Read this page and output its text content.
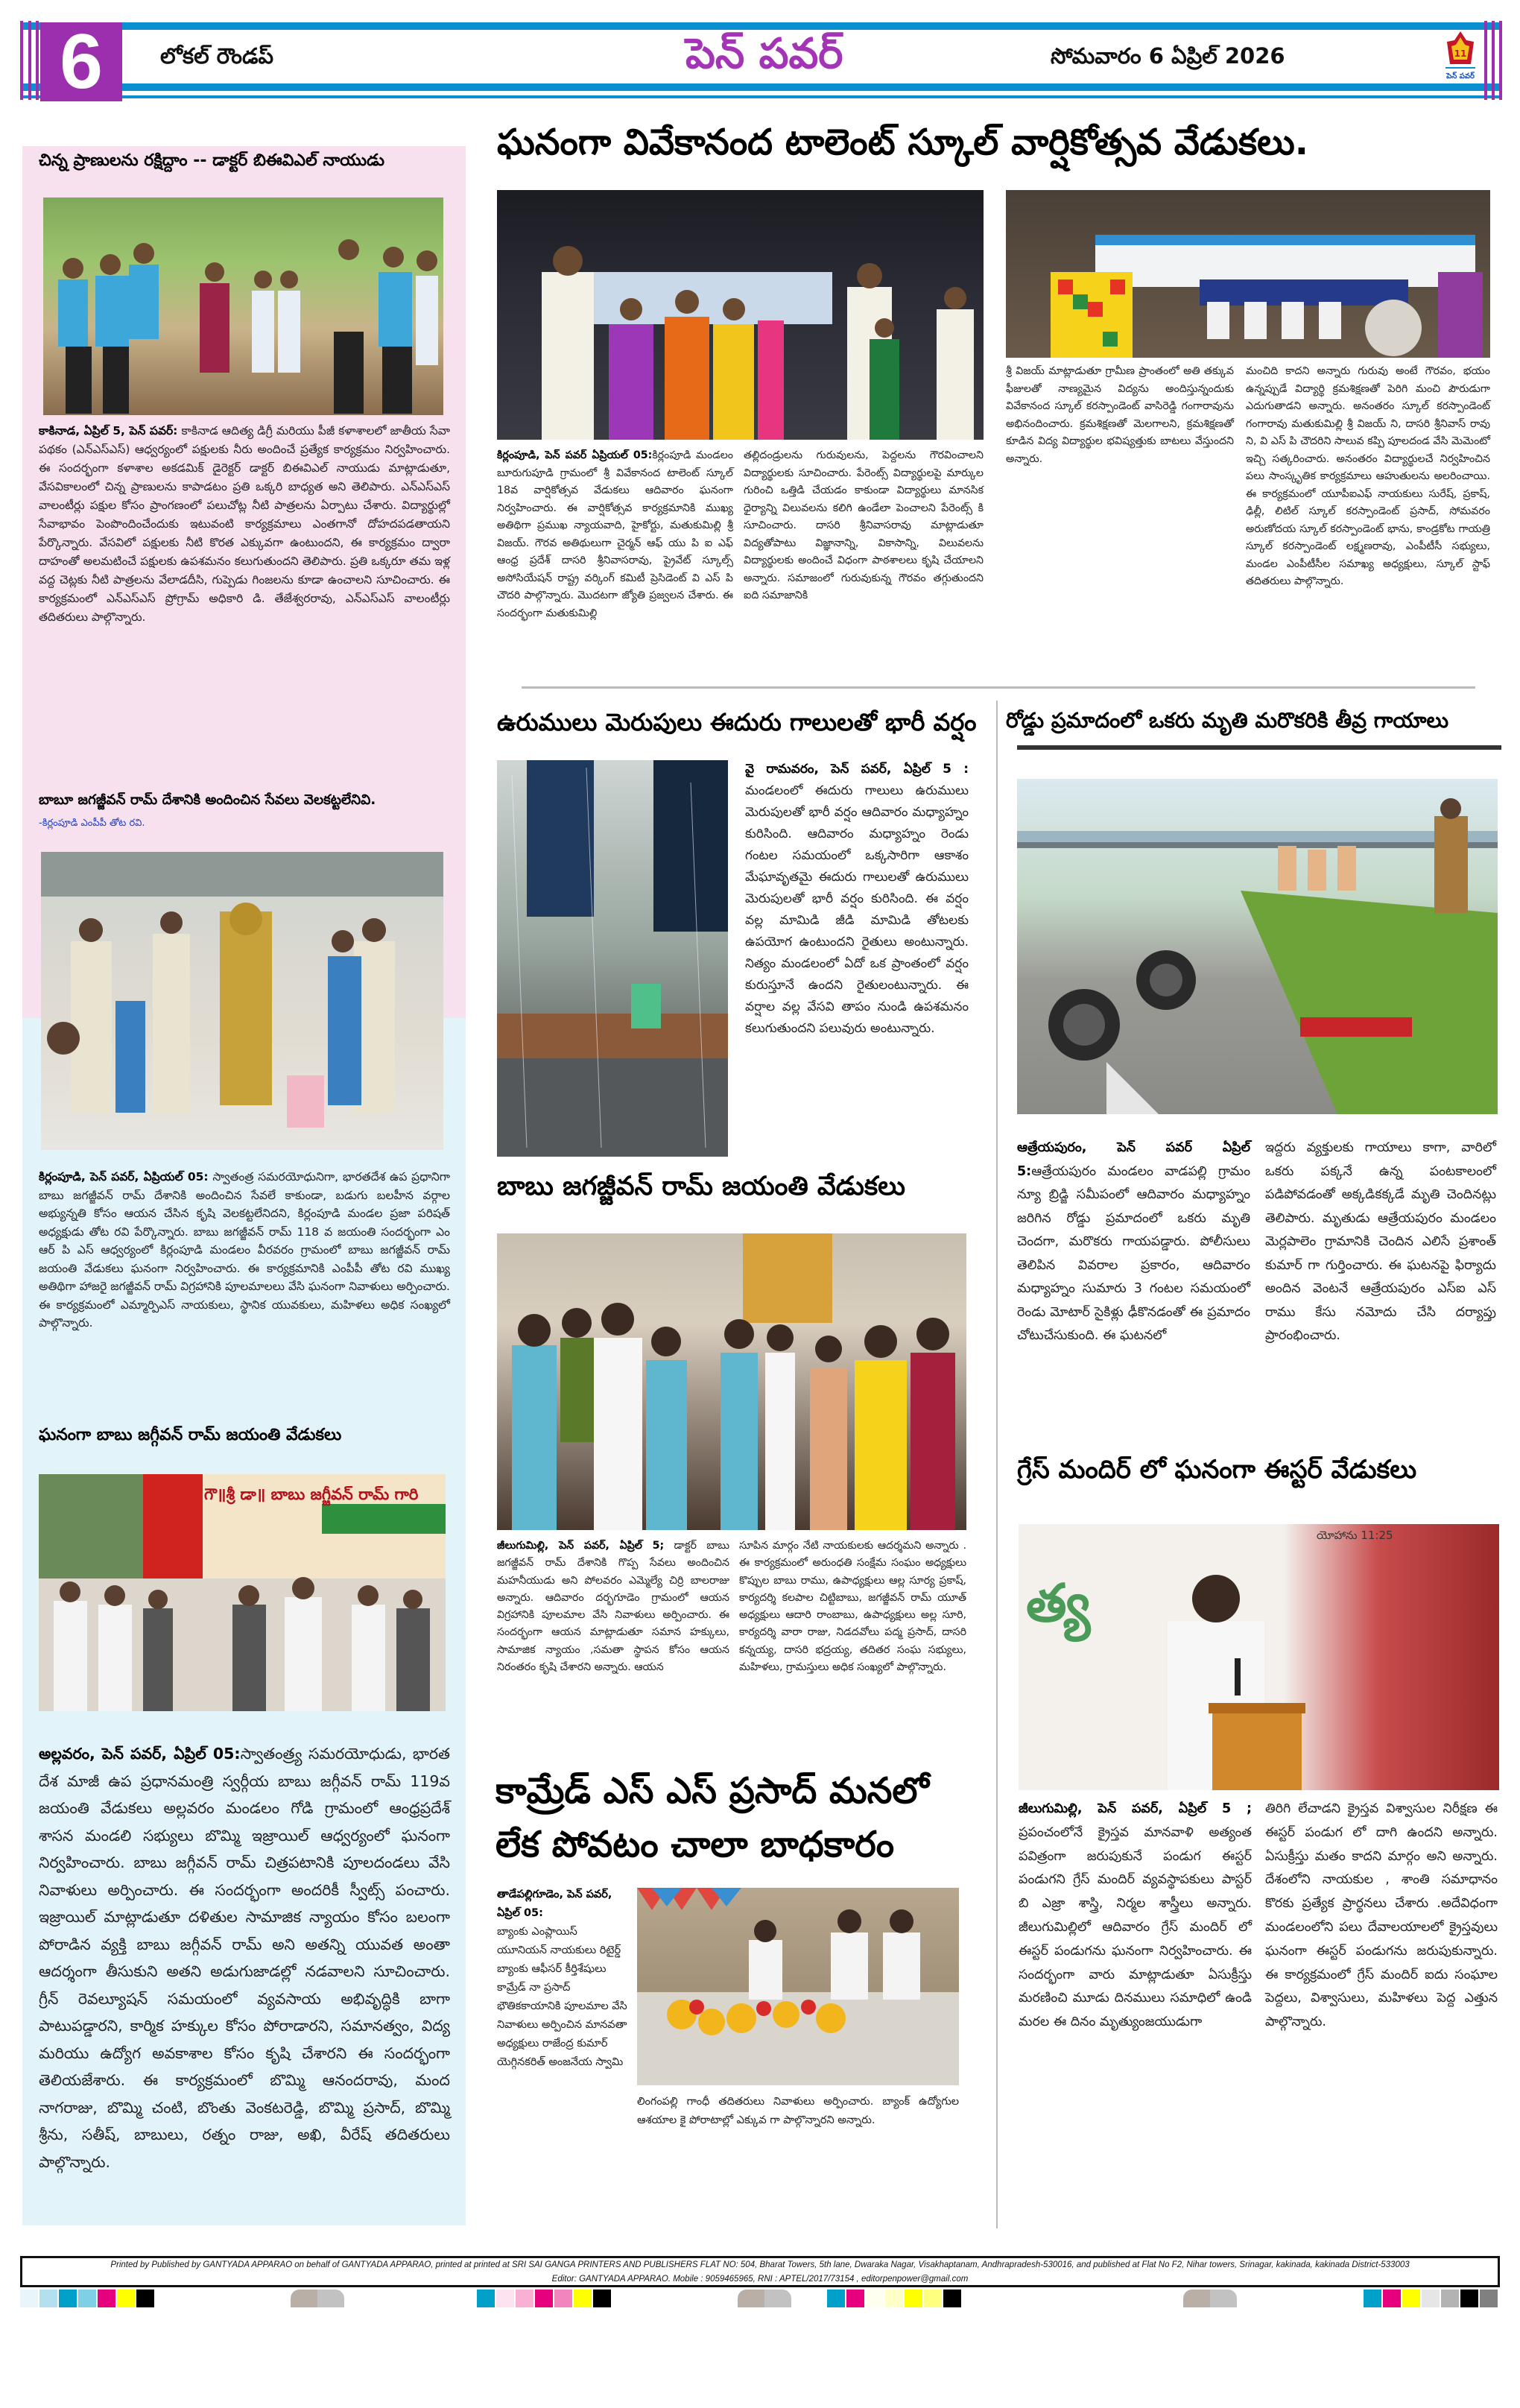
6	లోకల్ రౌండప్	పెన్ పవర్	సోమవారం 6 ఏప్రిల్ 2026	11
పెన్ పవర్
చిన్న ప్రాణులను రక్షిద్దాం -- డాక్టర్ బిఈవిఎల్ నాయుడు
కాకినాడ, ఏప్రిల్ 5, పెన్ పవర్: కాకినాడ ఆదిత్య డిగ్రీ మరియు పీజీ కళాశాలలో జాతీయ సేవా పథకం (ఎన్ఎస్ఎస్) ఆధ్వర్యంలో పక్షులకు నీరు అందించే ప్రత్యేక కార్యక్రమం నిర్వహించారు. ఈ సందర్భంగా కళాశాల అకడమిక్ డైరెక్టర్ డాక్టర్ బిఈవిఎల్ నాయుడు మాట్లాడుతూ, వేసవికాలంలో చిన్న ప్రాణులను కాపాడటం ప్రతి ఒక్కరి బాధ్యత అని తెలిపారు. ఎన్ఎస్ఎస్ వాలంటీర్లు పక్షుల కోసం ప్రాంగణంలో పలుచోట్ల నీటి పాత్రలను ఏర్పాటు చేశారు. విద్యార్థుల్లో సేవాభావం పెంపొందించేందుకు ఇటువంటి కార్యక్రమాలు ఎంతగానో దోహదపడతాయని పేర్కొన్నారు. వేసవిలో పక్షులకు నీటి కొరత ఎక్కువగా ఉంటుందని, ఈ కార్యక్రమం ద్వారా దాహంతో అలమటించే పక్షులకు ఉపశమనం కలుగుతుందని తెలిపారు. ప్రతి ఒక్కరూ తమ ఇళ్ల వద్ద చెట్లకు నీటి పాత్రలను వేలాడదీసి, గుప్పెడు గింజలను కూడా ఉంచాలని సూచించారు. ఈ కార్యక్రమంలో ఎన్ఎస్ఎస్ ప్రోగ్రామ్ అధికారి డి. తేజేశ్వరరావు, ఎన్ఎస్ఎస్ వాలంటీర్లు తదితరులు పాల్గొన్నారు.
బాబూ జగజ్జీవన్ రామ్ దేశానికి అందించిన సేవలు వెలకట్టలేనివి.
-కిర్లంపూడి ఎంపీపీ తోట రవి.
కిర్లంపూడి, పెన్ పవర్, ఏప్రియల్ 05: స్వాతంత్ర సమరయోధునిగా, భారతదేశ ఉప ప్రధానిగా బాబు జగజ్జీవన్ రామ్ దేశానికి అందించిన సేవలే కాకుండా, బడుగు బలహీన వర్గాల అభ్యున్నతి కోసం ఆయన చేసిన కృషి వెలకట్టలేనిదని, కిర్లంపూడి మండల ప్రజా పరిషత్ అధ్యక్షుడు తోట రవి పేర్కొన్నారు. బాబు జగజ్జీవన్ రామ్ 118 వ జయంతి సందర్భంగా ఎం ఆర్ పి ఎస్ ఆధ్వర్యంలో కిర్లంపూడి మండలం వీరవరం గ్రామంలో బాబు జగజ్జీవన్ రామ్ జయంతి వేడుకలు ఘనంగా నిర్వహించారు. ఈ కార్యక్రమానికి ఎంపీపీ తోట రవి ముఖ్య అతిథిగా హాజరై జగజ్జీవన్ రామ్ విగ్రహానికి పూలమాలలు వేసి ఘనంగా నివాళులు అర్పించారు. ఈ కార్యక్రమంలో ఎమ్మార్పిఎస్ నాయకులు, స్థానిక యువకులు, మహిళలు అధిక సంఖ్యలో పాల్గొన్నారు.
ఘనంగా బాబు జగ్గీవన్ రామ్ జయంతి వేడుకలు
గౌ॥శ్రీ డా॥ బాబు జగ్జీవన్ రామ్ గారి
అల్లవరం, పెన్ పవర్, ఏప్రిల్ 05:స్వాతంత్ర్య సమరయోధుడు, భారత దేశ మాజీ ఉప ప్రధానమంత్రి స్వర్గీయ బాబు జగ్గీవన్ రామ్ 119వ జయంతి వేడుకలు అల్లవరం మండలం గోడి గ్రామంలో ఆంధ్రప్రదేశ్ శాసన మండలి సభ్యులు బొమ్మి ఇజ్రాయిల్ ఆధ్వర్యంలో ఘనంగా నిర్వహించారు. బాబు జగ్గీవన్ రామ్ చిత్రపటానికి పూలదండలు వేసి నివాళులు అర్పించారు. ఈ సందర్భంగా అందరికీ స్వీట్స్ పంచారు. ఇజ్రాయిల్ మాట్లాడుతూ దళితుల సామాజిక న్యాయం కోసం బలంగా పోరాడిన వ్యక్తి బాబు జగ్గీవన్ రామ్ అని అతన్ని యువత అంతా ఆదర్శంగా తీసుకుని అతని అడుగుజాడల్లో నడవాలని సూచించారు. గ్రీన్ రెవల్యూషన్ సమయంలో వ్యవసాయ అభివృద్ధికి బాగా పాటుపడ్డారని, కార్మిక హక్కుల కోసం పోరాడారని, సమానత్వం, విద్య మరియు ఉద్యోగ అవకాశాల కోసం కృషి చేశారని ఈ సందర్భంగా తెలియజేశారు. ఈ కార్యక్రమంలో బొమ్మి ఆనందరావు, మంద నాగరాజు, బొమ్మి చంటి, బొంతు వెంకటరెడ్డి, బొమ్మి ప్రసాద్, బొమ్మి శ్రీను, సతీష్, బాబులు, రత్నం రాజు, అఖి, వీరేష్ తదితరులు పాల్గొన్నారు.
ఘనంగా వివేకానంద టాలెంట్ స్కూల్ వార్షికోత్సవ వేడుకలు.
కిర్లంపూడి, పెన్ పవర్ ఏప్రియల్ 05:కిర్లంపూడి మండలం బూరుగుపూడి గ్రామంలో శ్రీ వివేకానంద టాలెంట్ స్కూల్ 18వ వార్షికోత్సవ వేడుకలు ఆదివారం ఘనంగా నిర్వహించారు. ఈ వార్షికోత్సవ కార్యక్రమానికి ముఖ్య అతిథిగా ప్రముఖ న్యాయవాది, హైకోర్టు, మతుకుమిల్లి శ్రీ విజయ్. గౌరవ అతిథులుగా చైర్మన్ ఆఫ్ యు పి ఐ ఎఫ్ ఆంధ్ర ప్రదేశ్ దాసరి శ్రీనివాసరావు, ప్రైవేట్ స్కూల్స్ అసోసియేషన్ రాష్ట్ర వర్కింగ్ కమిటీ ప్రెసిడెంట్ వి ఎస్ పి చౌదరి పాల్గొన్నారు. మొదటగా జ్యోతి ప్రజ్వలన చేశారు. ఈ సందర్భంగా మతుకుమిల్లి
తల్లిదండ్రులను గురువులను, పెద్దలను గౌరవించాలని విద్యార్థులకు సూచించారు. పేరెంట్స్ విద్యార్థులపై మార్కుల గురించి ఒత్తిడి చేయడం కాకుండా విద్యార్థులు మానసిక ధైర్యాన్ని విలువలను కలిగి ఉండేలా పెంచాలని పేరెంట్స్ కి సూచించారు. దాసరి శ్రీనివాసరావు మాట్లాడుతూ విద్యతోపాటు విజ్ఞానాన్ని, వికాసాన్ని, విలువలను విద్యార్థులకు అందించే విధంగా పాఠశాలలు కృషి చేయాలని అన్నారు. సమాజంలో గురువుకున్న గౌరవం తగ్గుతుందని ఐది సమాజానికి
శ్రీ విజయ్ మాట్లాడుతూ గ్రామీణ ప్రాంతంలో అతి తక్కువ ఫీజులతో నాణ్యమైన విద్యను అందిస్తున్నందుకు వివేకానంద స్కూల్ కరస్పాండెంట్ వాసిరెడ్డి గంగారావును అభినందించారు. క్రమశిక్షణతో మెలగాలని, క్రమశిక్షణతో కూడిన విద్య విద్యార్థుల భవిష్యత్తుకు బాటలు వేస్తుందని అన్నారు.
మంచిది కాదని అన్నారు గురువు అంటే గౌరవం, భయం ఉన్నప్పుడే విద్యార్థి క్రమశిక్షణతో పెరిగి మంచి పౌరుడుగా ఎదుగుతాడని అన్నారు. అనంతరం స్కూల్ కరస్పాండెంట్ గంగారావు మతుకుమిల్లి శ్రీ విజయ్ ని, దాసరి శ్రీనివాస్ రావు ని, వి ఎస్ పి చౌదరిని సాలువ కప్పి పూలదండ వేసి మెమెంటో ఇచ్చి సత్కరించారు. అనంతరం విద్యార్థులచే నిర్వహించిన పలు సాంస్కృతిక కార్యక్రమాలు ఆహుతులను అలరించాయి. ఈ కార్యక్రమంలో యూపీఐఎఫ్ నాయకులు సురేష్, ప్రకాష్, ఢిల్లీ, లిటిల్ స్కూల్ కరస్పాండెంట్ ప్రసాద్, సోమవరం అరుణోదయ స్కూల్ కరస్పాండెంట్ భాను, కాండ్రకోట గాయత్రి స్కూల్ కరస్పాండెంట్ లక్ష్మణరావు, ఎంపీటీసీ సభ్యులు, మండల ఎంపీటీసీల సమాఖ్య అధ్యక్షులు, స్కూల్ స్టాఫ్ తదితరులు పాల్గొన్నారు.
ఉరుములు మెరుపులు ఈదురు గాలులతో భారీ వర్షం
వై రామవరం, పెన్ పవర్, ఏప్రిల్ 5 : మండలంలో ఈదురు గాలులు ఉరుములు మెరుపులతో భారీ వర్షం ఆదివారం మధ్యాహ్నం కురిసింది. ఆదివారం మధ్యాహ్నం రెండు గంటల సమయంలో ఒక్కసారిగా ఆకాశం మేఘావృతమై ఈదురు గాలులతో ఉరుములు మెరుపులతో భారీ వర్షం కురిసింది. ఈ వర్షం వల్ల మామిడి జీడి మామిడి తోటలకు ఉపయోగ ఉంటుందని రైతులు అంటున్నారు. నిత్యం మండలంలో ఏదో ఒక ప్రాంతంలో వర్షం కురుస్తూనే ఉందని రైతులంటున్నారు. ఈ వర్షాల వల్ల వేసవి తాపం నుండి ఉపశమనం కలుగుతుందని పలువురు అంటున్నారు.
బాబు జగజ్జీవన్ రామ్ జయంతి వేడుకలు
జీలుగుమిల్లి, పెన్ పవర్, ఏప్రిల్ 5; డాక్టర్ బాబు జగజ్జీవన్ రామ్ దేశానికి గొప్ప సేవలు అందించిన మహనీయుడు అని పోలవరం ఎమ్మెల్యే చిర్రి బాలరాజు అన్నారు. ఆదివారం దర్భగూడెం గ్రామంలో ఆయన విగ్రహానికి పూలమాల వేసి నివాళులు అర్పించారు. ఈ సందర్భంగా ఆయన మాట్లాడుతూ సమాన హక్కులు, సామాజిక న్యాయం ,సమతా స్థాపన కోసం ఆయన నిరంతరం కృషి చేశారని అన్నారు. ఆయన
సూపిన మార్గం నేటి నాయకులకు ఆదర్శమని అన్నారు . ఈ కార్యక్రమంలో అరుంధతి సంక్షేమ సంఘం అధ్యక్షులు కొప్పుల బాబు రాము, ఉపాధ్యక్షులు ఆల్ల సూర్య ప్రకాష్, కార్యదర్శి కలపాల చిట్టిబాబు, జగజ్జీవన్ రామ్ యూత్ అధ్యక్షులు ఆదారి రాంబాబు, ఉపాధ్యక్షులు అల్ల సూరి, కార్యదర్శి వారా రాజు, నిడదవోలు పద్మ ప్రసాద్, దాసరి కన్నయ్య, దాసరి భద్రయ్య, తదితర సంఘ సభ్యులు, మహిళలు, గ్రామస్తులు అధిక సంఖ్యలో పాల్గొన్నారు.
కామ్రేడ్ ఎస్ ఎస్ ప్రసాద్ మనలో
లేక పోవటం చాలా బాధకారం
తాడేపల్లిగూడెం, పెన్ పవర్, ఏప్రిల్ 05:
బ్యాంకు ఎంప్లాయిస్ యూనియన్ నాయకులు రిటైర్డ్ బ్యాంకు ఆఫీసర్ కీర్తిశేషులు కామ్రేడ్ నా ప్రసాద్ భౌతికకాయానికి పూలమాల వేసి నివాళులు అర్పించిన మానవతా అధ్యక్షులు రాజేంద్ర కుమార్ యెగ్గినకరిత్ అంజనేయ స్వామి
లింగంపల్లి గాంధీ తదితరులు నివాళులు అర్పించారు. బ్యాంక్ ఉద్యోగుల ఆశయాల కై పోరాటాల్లో ఎక్కువ గా పాల్గొన్నారని అన్నారు.
రోడ్డు ప్రమాదంలో ఒకరు మృతి మరొకరికి తీవ్ర గాయాలు
ఆత్రేయపురం, పెన్ పవర్ ఏప్రిల్ 5:ఆత్రేయపురం మండలం వాడపల్లి గ్రామం న్యూ బ్రిడ్జి సమీపంలో ఆదివారం మధ్యాహ్నం జరిగిన రోడ్డు ప్రమాదంలో ఒకరు మృతి చెందగా, మరొకరు గాయపడ్డారు. పోలీసులు తెలిపిన వివరాల ప్రకారం, ఆదివారం మధ్యాహ్నం సుమారు 3 గంటల సమయంలో రెండు మోటార్ సైకిళ్లు ఢీకొనడంతో ఈ ప్రమాదం చోటుచేసుకుంది. ఈ ఘటనలో
ఇద్దరు వ్యక్తులకు గాయాలు కాగా, వారిలో ఒకరు పక్కనే ఉన్న పంటకాలంలో పడిపోవడంతో అక్కడికక్కడే మృతి చెందినట్లు తెలిపారు. మృతుడు ఆత్రేయపురం మండలం మెర్లపాలెం గ్రామానికి చెందిన ఎలిసే ప్రశాంత్ కుమార్ గా గుర్తించారు. ఈ ఘటనపై ఫిర్యాదు అందిన వెంటనే ఆత్రేయపురం ఎస్ఐ ఎస్ రాము కేసు నమోదు చేసి దర్యాప్తు ప్రారంభించారు.
గ్రేస్ మందిర్ లో ఘనంగా ఈస్టర్ వేడుకలు
త్య
యోహాను 11:25
జీలుగుమిల్లి, పెన్ పవర్, ఏప్రిల్ 5 ; ప్రపంచంలోనే క్రైస్తవ మానవాళి అత్యంత పవిత్రంగా జరుపుకునే పండుగ ఈస్టర్ పండుగని గ్రేస్ మందిర్ వ్యవస్థాపకులు పాస్టర్ బి ఎజ్రా శాస్త్రి, నిర్మల శాస్త్రీలు అన్నారు. జీలుగుమిల్లిలో ఆదివారం గ్రేస్ మందిర్ లో ఈస్టర్ పండుగను ఘనంగా నిర్వహించారు. ఈ సందర్భంగా వారు మాట్లాడుతూ ఏసుక్రీస్తు మరణించి మూడు దినములు సమాధిలో ఉండి మరల ఈ దినం మృత్యుంజయుడుగా
తిరిగి లేచాడని క్రైస్తవ విశ్వాసుల నిరీక్షణ ఈ ఈస్టర్ పండుగ లో దాగి ఉందని అన్నారు. ఏసుక్రీస్తు మతం కాదని మార్గం అని అన్నారు. దేశంలోని నాయకుల , శాంతి సమాధానం కొరకు ప్రత్యేక ప్రార్థనలు చేశారు .అదేవిధంగా మండలంలోని పలు దేవాలయాలలో క్రైస్తవులు ఘనంగా ఈస్టర్ పండుగను జరుపుకున్నారు. ఈ కార్యక్రమంలో గ్రేస్ మందిర్ ఐదు సంఘాల పెద్దలు, విశ్వాసులు, మహిళలు పెద్ద ఎత్తున పాల్గొన్నారు.
Printed by Published by GANTYADA APPARAO on behalf of GANTYADA APPARAO, printed at printed at SRI SAI GANGA PRINTERS AND PUBLISHERS FLAT NO: 504, Bharat Towers, 5th lane, Dwaraka Nagar, Visakhaptanam, Andhrapradesh-530016, and published at Flat No F2, Nihar towers, Srinagar, kakinada, kakinada District-533003
Editor: GANTYADA APPARAO. Mobile : 9059465965, RNI : APTEL/2017/73154 , editorpenpower@gmail.com
